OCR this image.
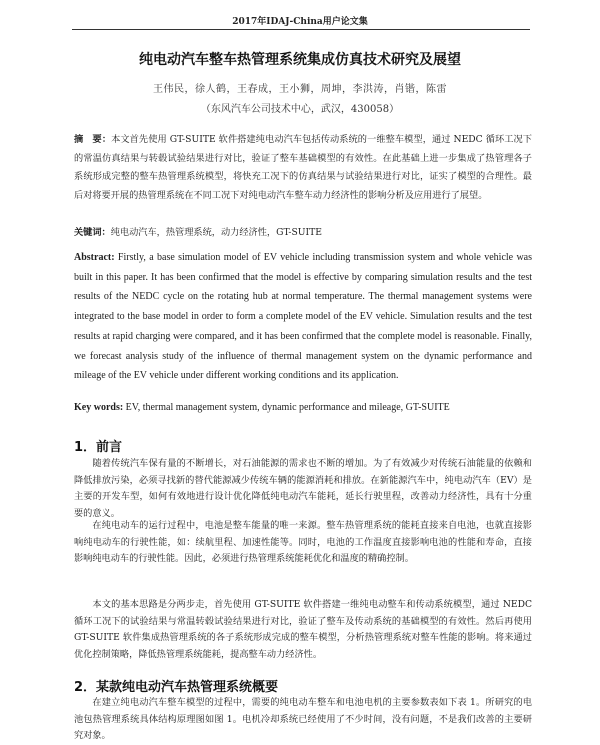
2017年IDAJ-China用户论文集
纯电动汽车整车热管理系统集成仿真技术研究及展望
王伟民，徐人鹤，王春成，王小狮，周坤，李洪涛，肖锴，陈雷
（东风汽车公司技术中心，武汉，430058）
摘　要：本文首先使用 GT-SUITE 软件搭建纯电动汽车包括传动系统的一维整车模型，通过 NEDC 循环工况下的常温仿真结果与转毂试验结果进行对比，验证了整车基础模型的有效性。在此基础上进一步集成了热管理各子系统形成完整的整车热管理系统模型，将快充工况下的仿真结果与试验结果进行对比，证实了模型的合理性。最后对将要开展的热管理系统在不同工况下对纯电动汽车整车动力经济性的影响分析及应用进行了展望。
关键词：纯电动汽车，热管理系统，动力经济性，GT-SUITE
Abstract: Firstly, a base simulation model of EV vehicle including transmission system and whole vehicle was built in this paper. It has been confirmed that the model is effective by comparing simulation results and the test results of the NEDC cycle on the rotating hub at normal temperature. The thermal management systems were integrated to the base model in order to form a complete model of the EV vehicle. Simulation results and the test results at rapid charging were compared, and it has been confirmed that the complete model is reasonable. Finally, we forecast analysis study of the influence of thermal management system on the dynamic performance and mileage of the EV vehicle under different working conditions and its application.
Key words: EV, thermal management system, dynamic performance and mileage, GT-SUITE
1．前言
随着传统汽车保有量的不断增长，对石油能源的需求也不断的增加。为了有效减少对传统石油能量的依赖和降低排放污染，必须寻找新的替代能源减少传统车辆的能源消耗和排放。在新能源汽车中，纯电动汽车（EV）是主要的开发车型，如何有效地进行设计优化降低纯电动汽车能耗，延长行驶里程，改善动力经济性，具有十分重要的意义。
在纯电动车的运行过程中，电池是整车能量的唯一来源。整车热管理系统的能耗直接来自电池，也就直接影响纯电动车的行驶性能，如：续航里程、加速性能等。同时，电池的工作温度直接影响电池的性能和寿命，直接影响纯电动车的行驶性能。因此，必须进行热管理系统能耗优化和温度的精确控制。
本文的基本思路是分两步走，首先使用 GT-SUITE 软件搭建一维纯电动整车和传动系统模型，通过 NEDC 循环工况下的试验结果与常温转毂试验结果进行对比，验证了整车及传动系统的基础模型的有效性。然后再使用 GT-SUITE 软件集成热管理系统的各子系统形成完成的整车模型，分析热管理系统对整车性能的影响。将来通过优化控制策略，降低热管理系统能耗，提高整车动力经济性。
2．某款纯电动汽车热管理系统概要
在建立纯电动汽车整车模型的过程中，需要的纯电动车整车和电池电机的主要参数表如下表 1。所研究的电池包热管理系统具体结构原理图如图 1。电机冷却系统已经使用了不少时间，没有问题，不是我们改善的主要研究对象。
